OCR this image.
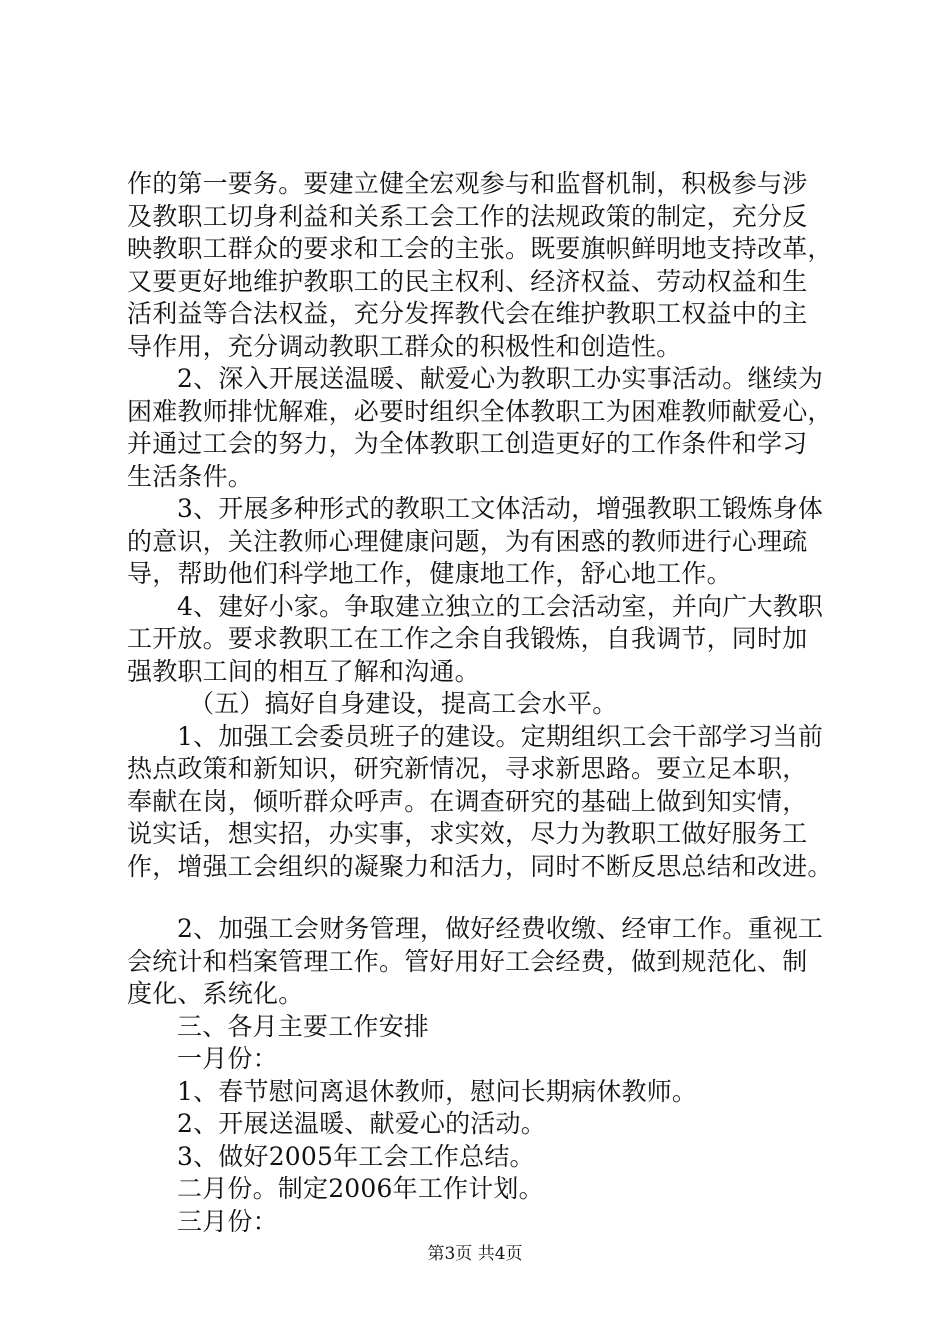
作的第一要务。要建立健全宏观参与和监督机制，积极参与涉
及教职工切身利益和关系工会工作的法规政策的制定，充分反
映教职工群众的要求和工会的主张。既要旗帜鲜明地支持改革，
又要更好地维护教职工的民主权利、经济权益、劳动权益和生
活利益等合法权益，充分发挥教代会在维护教职工权益中的主
导作用，充分调动教职工群众的积极性和创造性。
2、深入开展送温暖、献爱心为教职工办实事活动。继续为
困难教师排忧解难，必要时组织全体教职工为困难教师献爱心，
并通过工会的努力，为全体教职工创造更好的工作条件和学习
生活条件。
3、开展多种形式的教职工文体活动，增强教职工锻炼身体
的意识，关注教师心理健康问题，为有困惑的教师进行心理疏
导，帮助他们科学地工作，健康地工作，舒心地工作。
4、建好小家。争取建立独立的工会活动室，并向广大教职
工开放。要求教职工在工作之余自我锻炼，自我调节，同时加
强教职工间的相互了解和沟通。
（五）搞好自身建设，提高工会水平。
1、加强工会委员班子的建设。定期组织工会干部学习当前
热点政策和新知识，研究新情况，寻求新思路。要立足本职，
奉献在岗，倾听群众呼声。在调查研究的基础上做到知实情，
说实话，想实招，办实事，求实效，尽力为教职工做好服务工
作，增强工会组织的凝聚力和活力，同时不断反思总结和改进。
2、加强工会财务管理，做好经费收缴、经审工作。重视工
会统计和档案管理工作。管好用好工会经费，做到规范化、制
度化、系统化。
三、各月主要工作安排
一月份：
1、春节慰问离退休教师，慰问长期病休教师。
2、开展送温暖、献爱心的活动。
3、做好2005年工会工作总结。
二月份。制定2006年工作计划。
三月份：
第3页 共4页
